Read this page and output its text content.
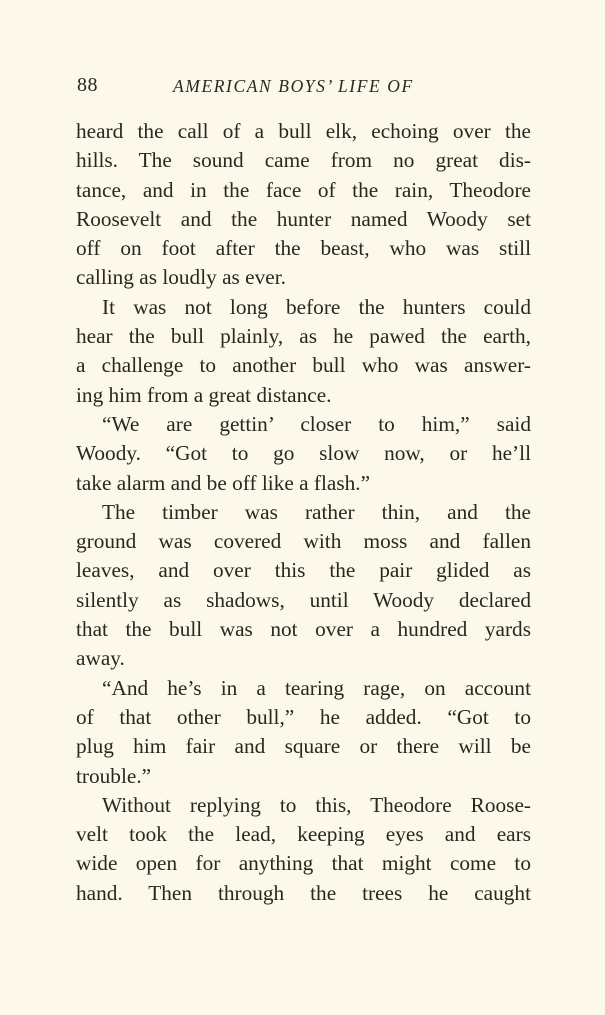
88	AMERICAN BOYS’ LIFE OF
heard the call of a bull elk, echoing over the
hills. The sound came from no great dis-
tance, and in the face of the rain, Theodore
Roosevelt and the hunter named Woody set
off on foot after the beast, who was still
calling as loudly as ever.
It was not long before the hunters could
hear the bull plainly, as he pawed the earth,
a challenge to another bull who was answer-
ing him from a great distance.
“We are gettin’ closer to him,” said
Woody. “Got to go slow now, or he’ll
take alarm and be off like a flash.”
The timber was rather thin, and the
ground was covered with moss and fallen
leaves, and over this the pair glided as
silently as shadows, until Woody declared
that the bull was not over a hundred yards
away.
“And he’s in a tearing rage, on account
of that other bull,” he added. “Got to
plug him fair and square or there will be
trouble.”
Without replying to this, Theodore Roose-
velt took the lead, keeping eyes and ears
wide open for anything that might come to
hand. Then through the trees he caught
